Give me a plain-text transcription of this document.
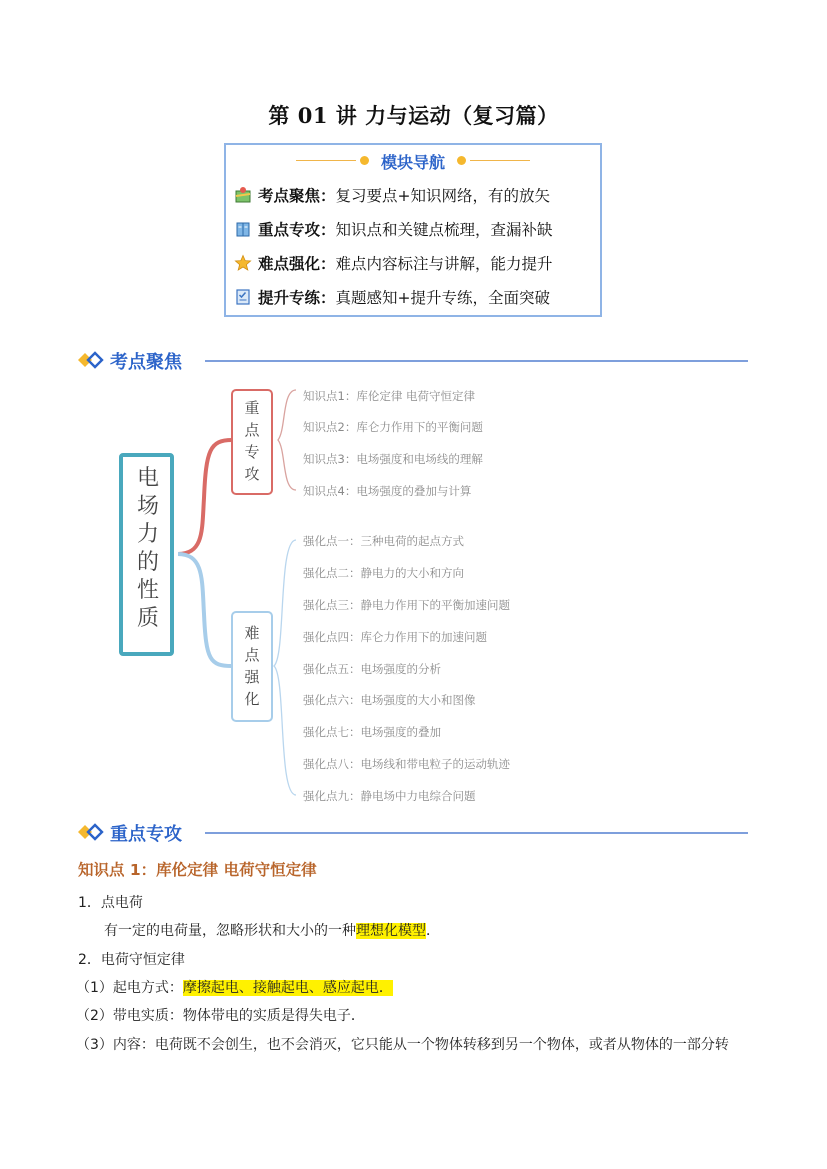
第 01 讲 力与运动（复习篇）
模块导航
考点聚焦： 复习要点+知识网络，有的放矢
重点专攻： 知识点和关键点梳理，查漏补缺
难点强化： 难点内容标注与讲解，能力提升
提升专练： 真题感知+提升专练，全面突破
考点聚焦
电场力的性质
重点专攻
知识点1：库伦定律 电荷守恒定律
知识点2：库仑力作用下的平衡问题
知识点3：电场强度和电场线的理解
知识点4：电场强度的叠加与计算
难点强化
强化点一：三种电荷的起点方式
强化点二：静电力的大小和方向
强化点三：静电力作用下的平衡加速问题
强化点四：库仑力作用下的加速问题
强化点五：电场强度的分析
强化点六：电场强度的大小和图像
强化点七：电场强度的叠加
强化点八：电场线和带电粒子的运动轨迹
强化点九：静电场中力电综合问题
重点专攻
知识点 1：库伦定律 电荷守恒定律
1．点电荷
有一定的电荷量，忽略形状和大小的一种理想化模型．
2．电荷守恒定律
（1）起电方式：摩擦起电、接触起电、感应起电．
（2）带电实质：物体带电的实质是得失电子．
（3）内容：电荷既不会创生，也不会消灭，它只能从一个物体转移到另一个物体，或者从物体的一部分转
